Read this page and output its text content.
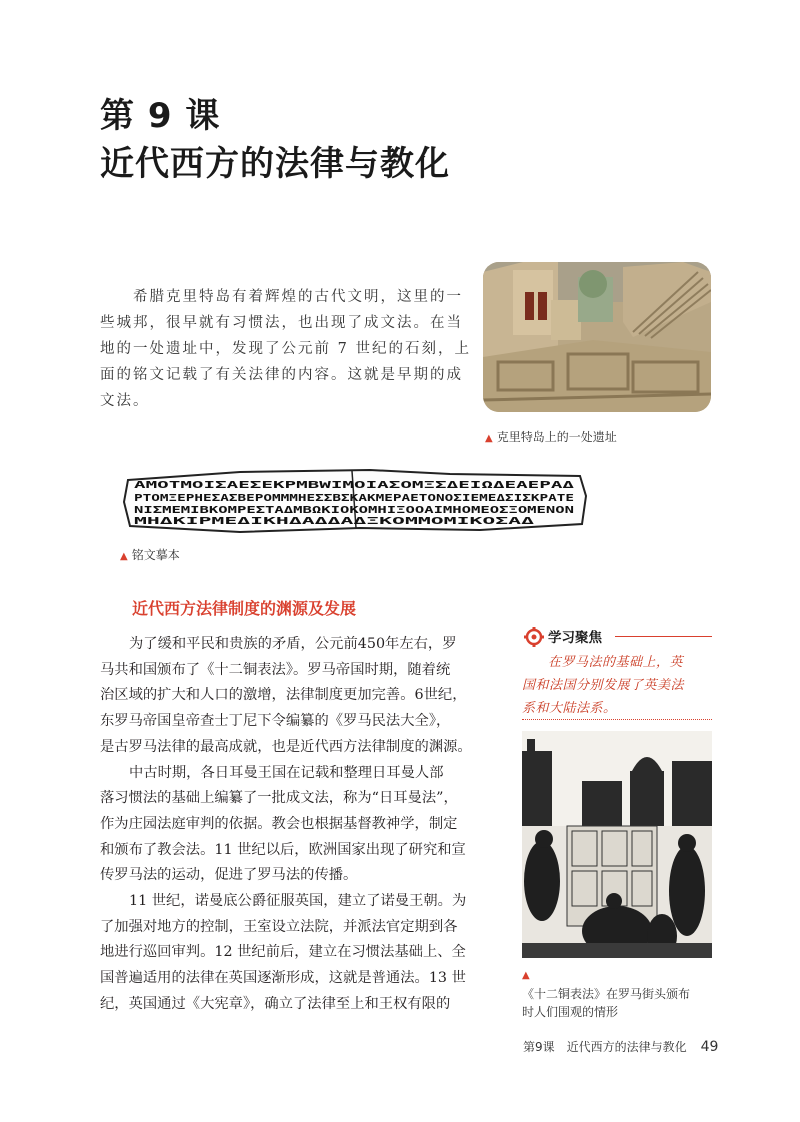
第 9 课
近代西方的法律与教化
希腊克里特岛有着辉煌的古代文明，这里的一
些城邦，很早就有习惯法，也出现了成文法。在当
地的一处遗址中，发现了公元前 7 世纪的石刻，上
面的铭文记载了有关法律的内容。这就是早期的成
文法。
▲ 克里特岛上的一处遗址
AMOTMOIΣAEΣEKPMBWIMOIAΣOMΞΣΔΕΙΩΔΕΑΕΡΑΔ
ΡTOMΞΕΡΗΕΣΑΣΒΕΡΟΜΜΜΗΕΣΣΒΣΚΑΚΜΕΡΑΕΤΟΝΟΣΙΕΜΕΔΣΙΣΚΡΑΤΕ
ΝΙΣΜΕΜΙΒΚΟΜΡΕΣΤΑΔΜΒΩΚΙΟΚΟΜΗΙΞΟΟΑΙΜΗΟΜΕΟΣΞΟΜΕΝΟΝ
ΜΗΔΚΙΡΜΕΔΙΚΗΔΑΔΔΑΔΞΚΟΜΜΟΜΙΚΟΣΑΔ
▲ 铭文摹本
近代西方法律制度的渊源及发展
为了缓和平民和贵族的矛盾，公元前450年左右，罗
马共和国颁布了《十二铜表法》。罗马帝国时期，随着统
治区域的扩大和人口的激增，法律制度更加完善。6世纪，
东罗马帝国皇帝查士丁尼下令编纂的《罗马民法大全》，
是古罗马法律的最高成就，也是近代西方法律制度的渊源。
中古时期，各日耳曼王国在记载和整理日耳曼人部
落习惯法的基础上编纂了一批成文法，称为“日耳曼法”，
作为庄园法庭审判的依据。教会也根据基督教神学，制定
和颁布了教会法。11 世纪以后，欧洲国家出现了研究和宣
传罗马法的运动，促进了罗马法的传播。
11 世纪，诺曼底公爵征服英国，建立了诺曼王朝。为
了加强对地方的控制，王室设立法院，并派法官定期到各
地进行巡回审判。12 世纪前后，建立在习惯法基础上、全
国普遍适用的法律在英国逐渐形成，这就是普通法。13 世
纪，英国通过《大宪章》，确立了法律至上和王权有限的
学习聚焦
在罗马法的基础上，英
国和法国分别发展了英美法
系和大陆法系。
▲
《十二铜表法》在罗马街头颁布
时人们围观的情形
第9课　近代西方的法律与教化 49
